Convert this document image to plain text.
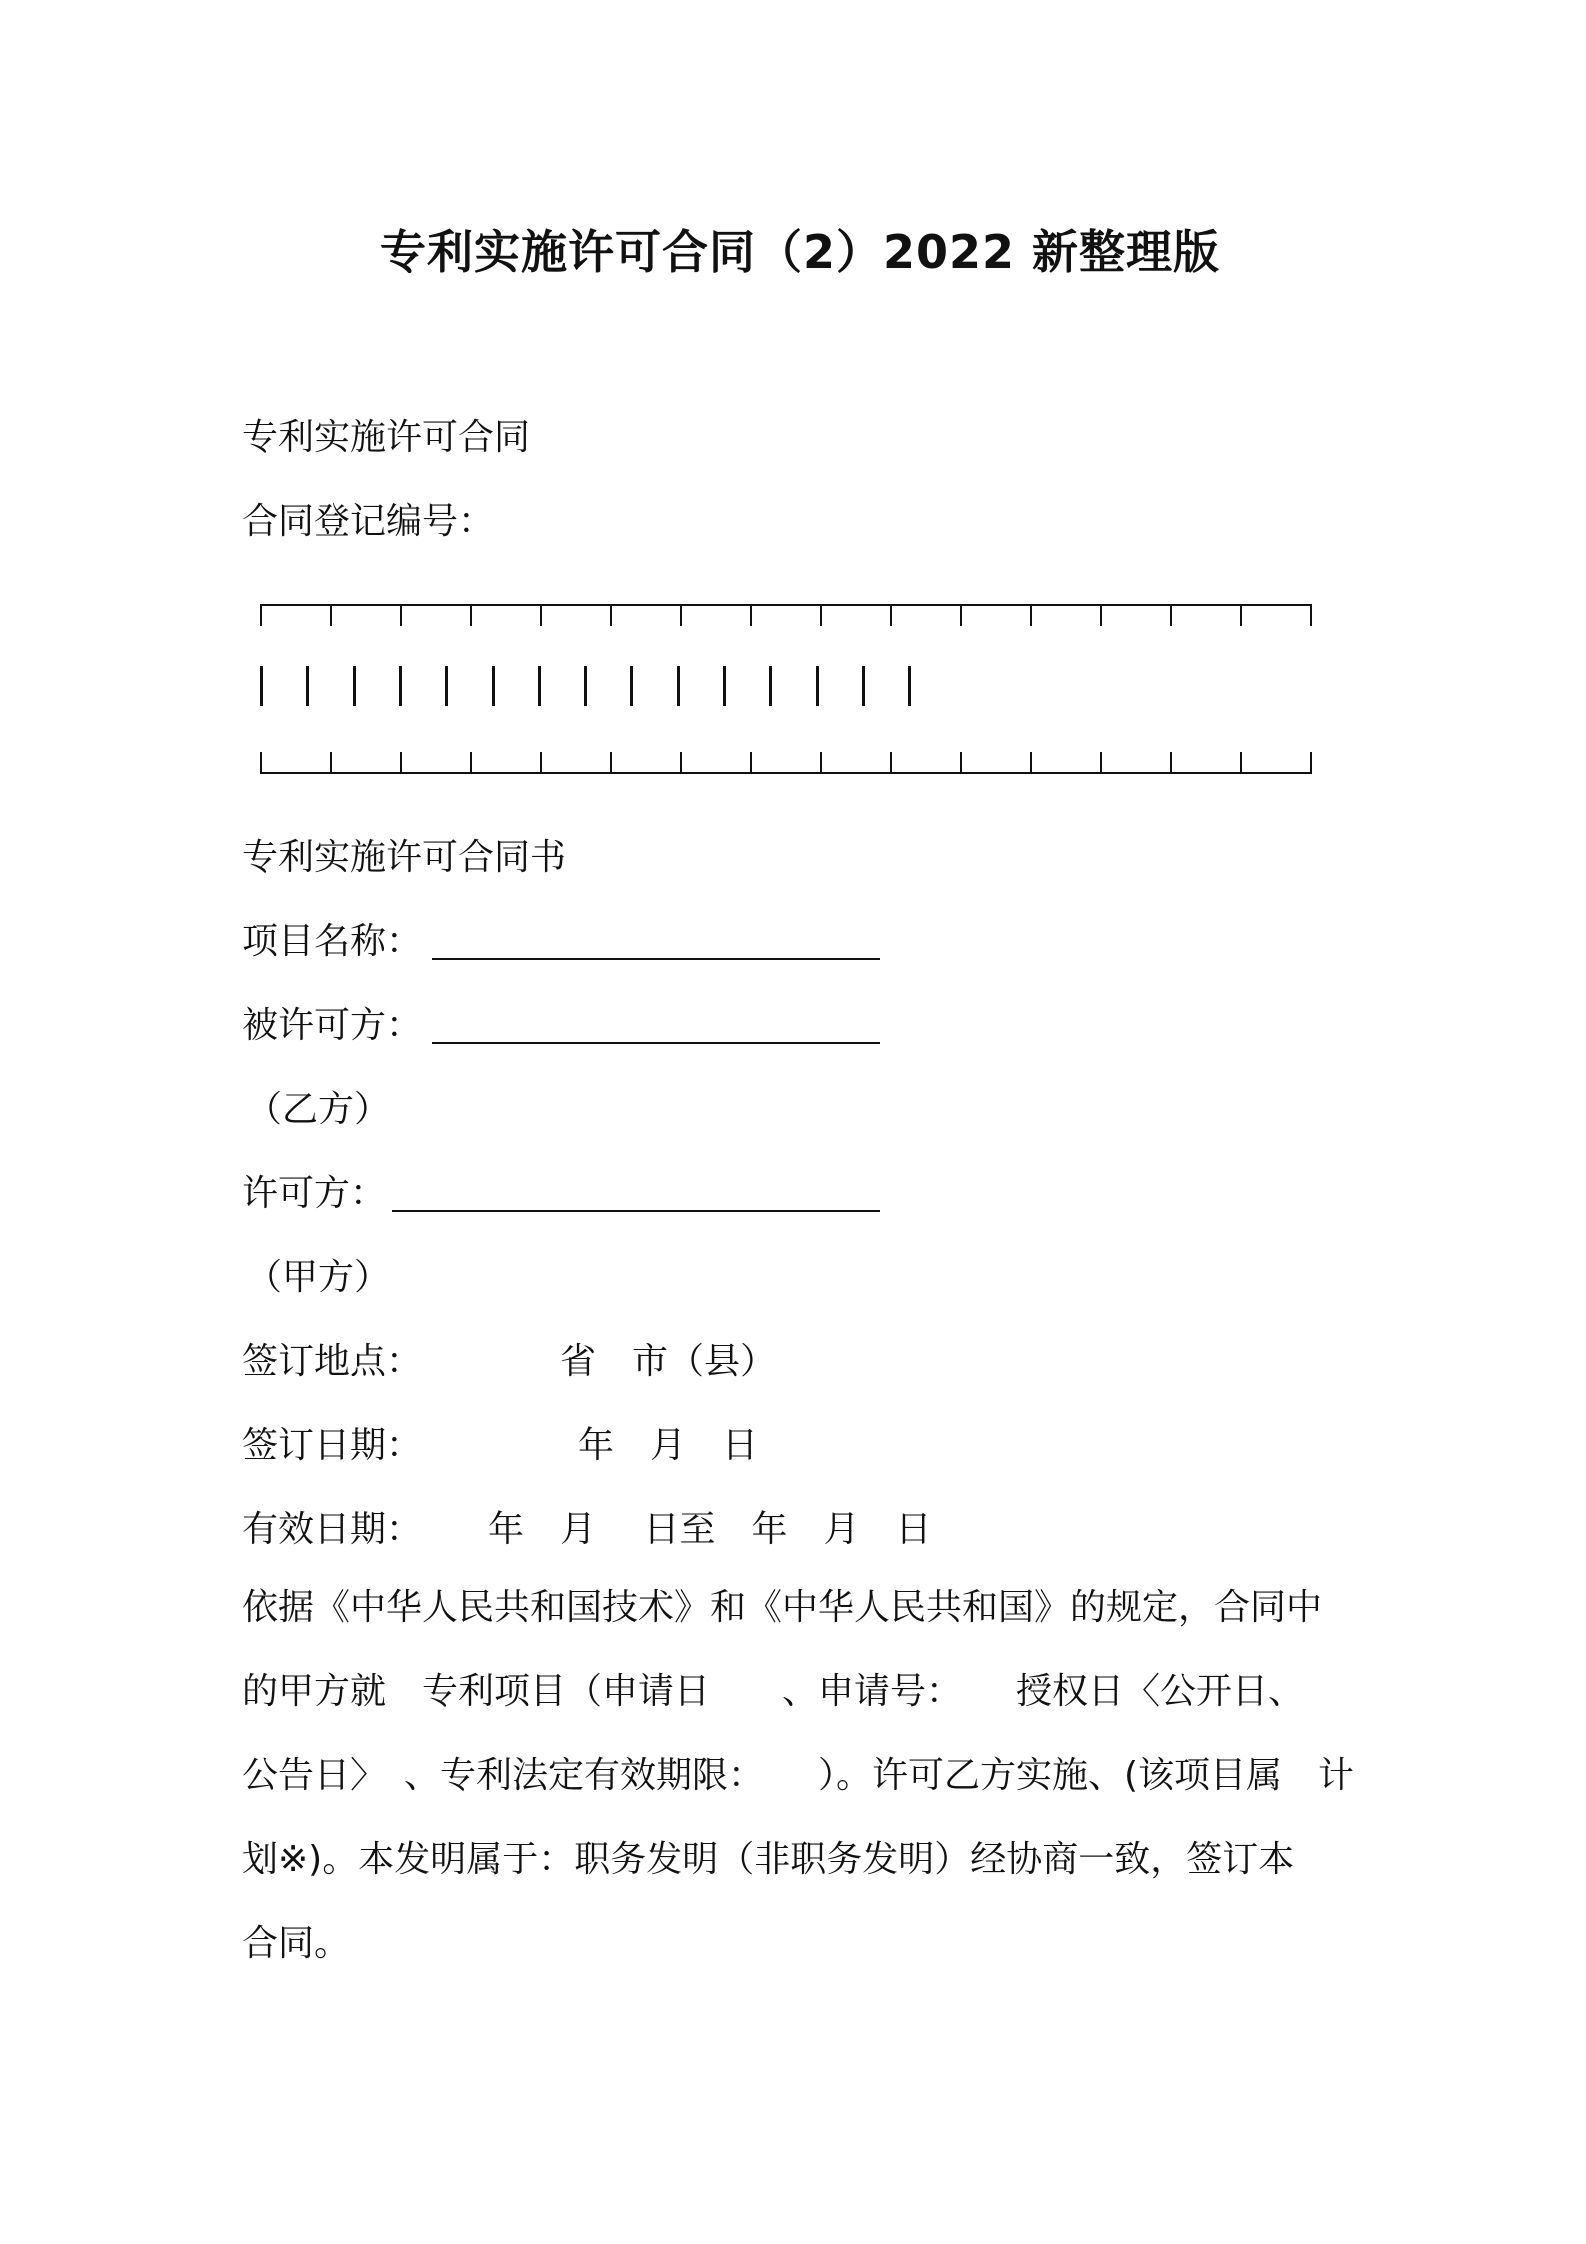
专利实施许可合同（2）2022 新整理版
专利实施许可合同
合同登记编号：
专利实施许可合同书
项目名称：
被许可方：
（乙方）
许可方：
（甲方）
签订地点：	省　市（县）
签订日期：	年　月　日
有效日期： 年　月　 日至　年　月　日

依据《中华人民共和国技术》和《中华人民共和国》的规定，合同中

的甲方就　专利项目（申请日　　、申请号：　　授权日〈公开日、

公告日〉　、专利法定有效期限：　　）。许可乙方实施、(该项目属　计

划※)。本发明属于：职务发明（非职务发明）经协商一致，签订本

合同。
